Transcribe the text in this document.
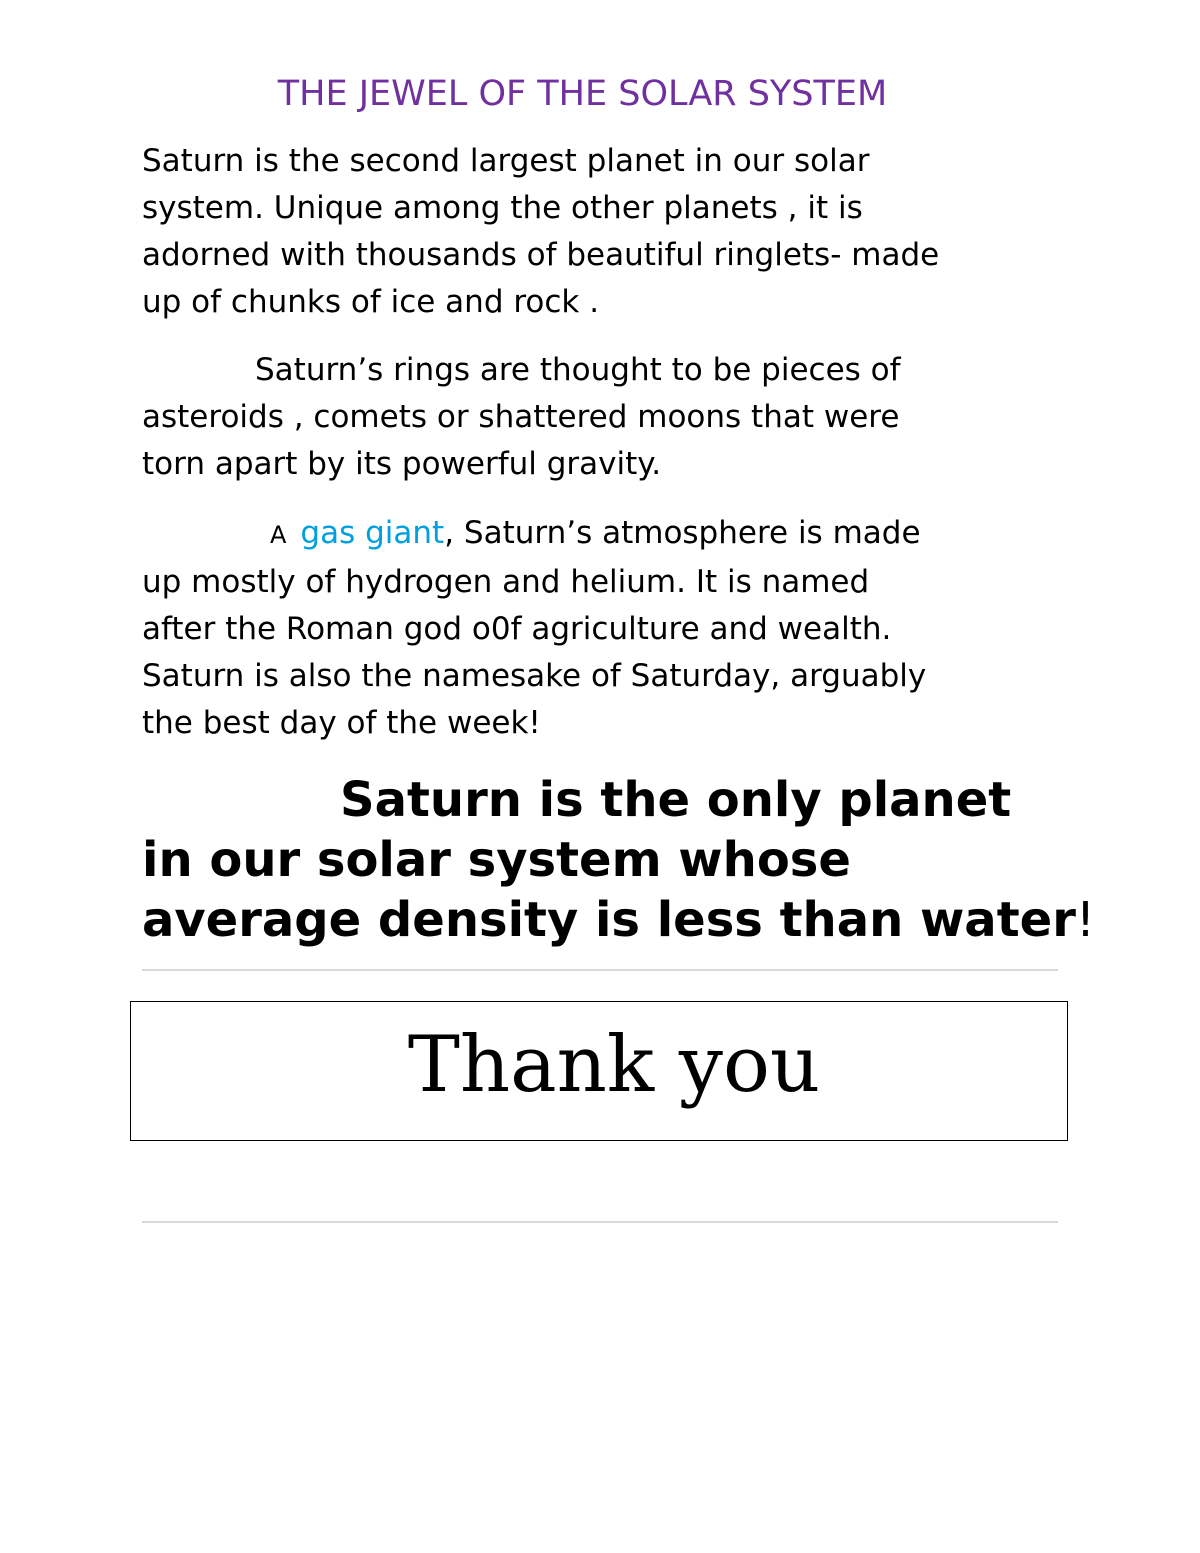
THE JEWEL OF THE SOLAR SYSTEM

Saturn is the second largest planet in our solar
system. Unique among the other planets , it is
adorned with thousands of beautiful ringlets- made
up of chunks of ice and rock .

Saturn’s rings are thought to be pieces of
asteroids , comets or shattered moons that were
torn apart by its powerful gravity.

A gas giant, Saturn’s atmosphere is made
up mostly of hydrogen and helium. It is named
after the Roman god o0f agriculture and wealth.
Saturn is also the namesake of Saturday, arguably
the best day of the week!

Saturn is the only planet
in our solar system whose
average density is less than water!

Thank you
